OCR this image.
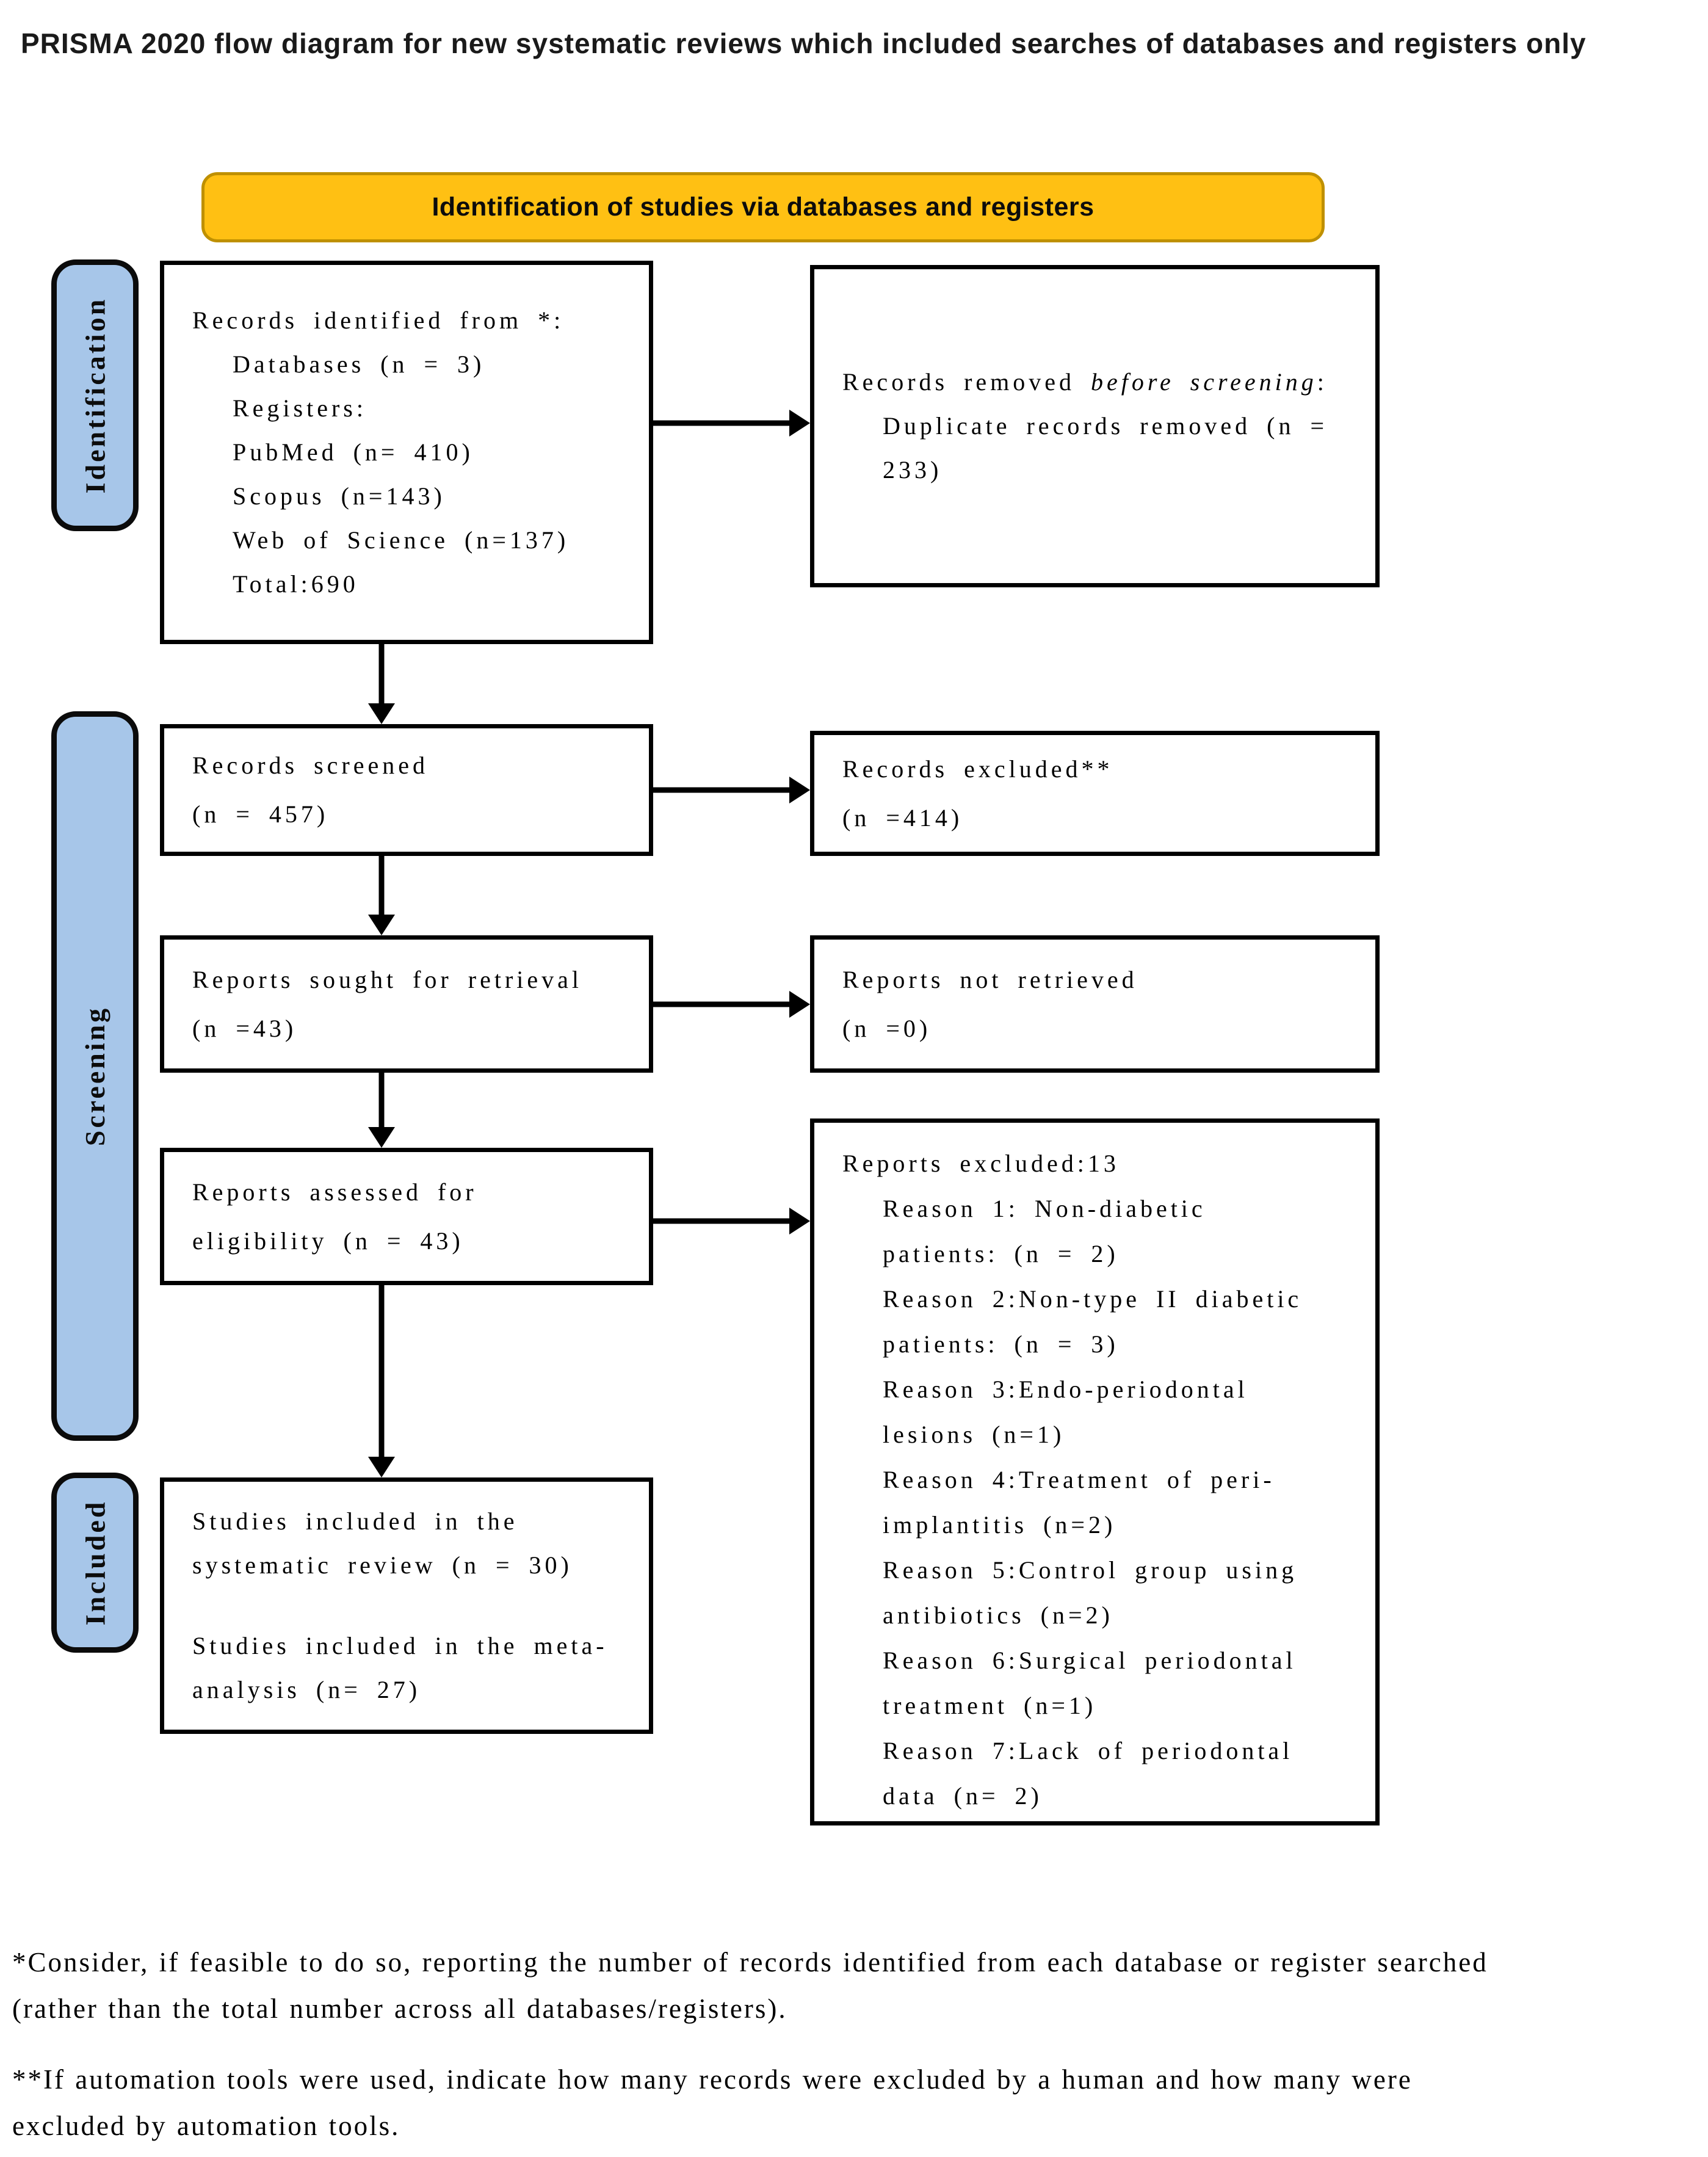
PRISMA 2020 flow diagram for new systematic reviews which included searches of databases and registers only
Identification of studies via databases and registers
Identification
Screening
Included
Records identified from *:
Databases (n = 3)
Registers:
PubMed (n= 410)
Scopus (n=143)
Web of Science (n=137)
Total:690
Records screened
(n = 457)
Reports sought for retrieval
(n =43)
Reports assessed for
eligibility (n = 43)
Studies included in the
systematic review (n = 30)
Studies included in the meta-
analysis (n= 27)
Records removed before screening:
Duplicate records removed (n =
233)
Records excluded**
(n =414)
Reports not retrieved
(n =0)
Reports excluded:13
Reason 1: Non-diabetic
patients: (n = 2)
Reason 2:Non-type II diabetic
patients: (n = 3)
Reason 3:Endo-periodontal
lesions (n=1)
Reason 4:Treatment of peri-
implantitis (n=2)
Reason 5:Control group using
antibiotics (n=2)
Reason 6:Surgical periodontal
treatment (n=1)
Reason 7:Lack of periodontal
data (n= 2)
*Consider, if feasible to do so, reporting the number of records identified from each database or register searched
(rather than the total number across all databases/registers).
**If automation tools were used, indicate how many records were excluded by a human and how many were
excluded by automation tools.
